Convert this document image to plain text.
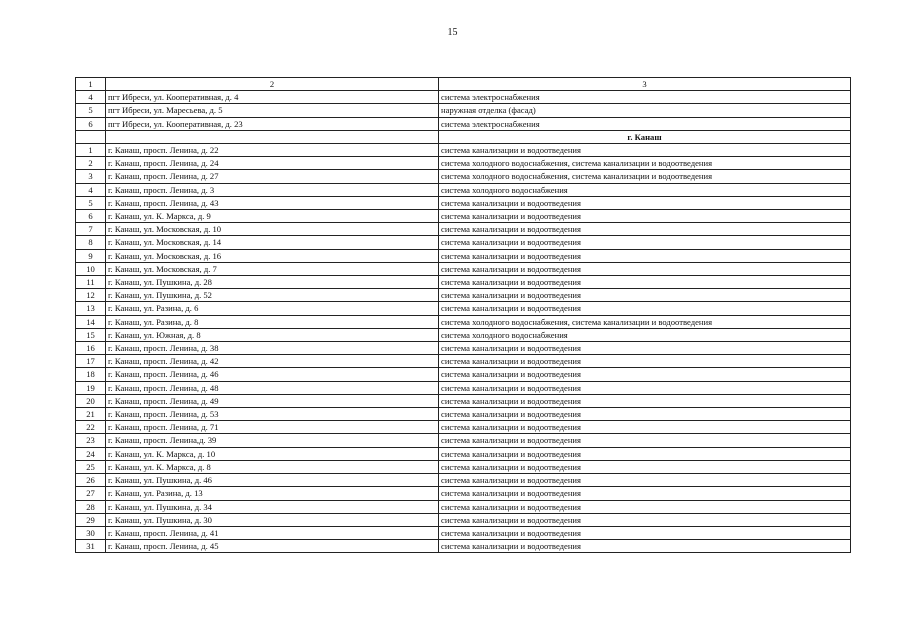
15
1	2	3
4	пгт Ибреси, ул. Кооперативная, д. 4	система электроснабжения
5	пгт Ибреси, ул. Маресьева, д. 5	наружная отделка (фасад)
6	пгт Ибреси, ул. Кооперативная, д. 23	система электроснабжения
		г. Канаш
1	г. Канаш, просп. Ленина, д. 22	система канализации и водоотведения
2	г. Канаш, просп. Ленина, д. 24	система холодного водоснабжения, система канализации и водоотведения
3	г. Канаш, просп. Ленина, д. 27	система холодного водоснабжения, система канализации и водоотведения
4	г. Канаш, просп. Ленина, д. 3	система холодного водоснабжения
5	г. Канаш, просп. Ленина, д. 43	система канализации и водоотведения
6	г. Канаш, ул. К. Маркса, д. 9	система канализации и водоотведения
7	г. Канаш, ул. Московская, д. 10	система канализации и водоотведения
8	г. Канаш, ул. Московская, д. 14	система канализации и водоотведения
9	г. Канаш, ул. Московская, д. 16	система канализации и водоотведения
10	г. Канаш, ул. Московская, д. 7	система канализации и водоотведения
11	г. Канаш, ул. Пушкина, д. 28	система канализации и водоотведения
12	г. Канаш, ул. Пушкина, д. 52	система канализации и водоотведения
13	г. Канаш, ул. Разина, д. 6	система канализации и водоотведения
14	г. Канаш, ул. Разина, д. 8	система холодного водоснабжения, система канализации и водоотведения
15	г. Канаш, ул. Южная, д. 8	система холодного водоснабжения
16	г. Канаш, просп. Ленина, д. 38	система канализации и водоотведения
17	г. Канаш, просп. Ленина, д. 42	система канализации и водоотведения
18	г. Канаш, просп. Ленина, д. 46	система канализации и водоотведения
19	г. Канаш, просп. Ленина, д. 48	система канализации и водоотведения
20	г. Канаш, просп. Ленина, д. 49	система канализации и водоотведения
21	г. Канаш, просп. Ленина, д. 53	система канализации и водоотведения
22	г. Канаш, просп. Ленина, д. 71	система канализации и водоотведения
23	г. Канаш, просп. Ленина,д. 39	система канализации и водоотведения
24	г. Канаш, ул. К. Маркса, д. 10	система канализации и водоотведения
25	г. Канаш, ул. К. Маркса, д. 8	система канализации и водоотведения
26	г. Канаш, ул. Пушкина, д. 46	система канализации и водоотведения
27	г. Канаш, ул. Разина, д. 13	система канализации и водоотведения
28	г. Канаш, ул. Пушкина, д. 34	система канализации и водоотведения
29	г. Канаш, ул. Пушкина, д. 30	система канализации и водоотведения
30	г. Канаш, просп. Ленина, д. 41	система канализации и водоотведения
31	г. Канаш, просп. Ленина, д. 45	система канализации и водоотведения
